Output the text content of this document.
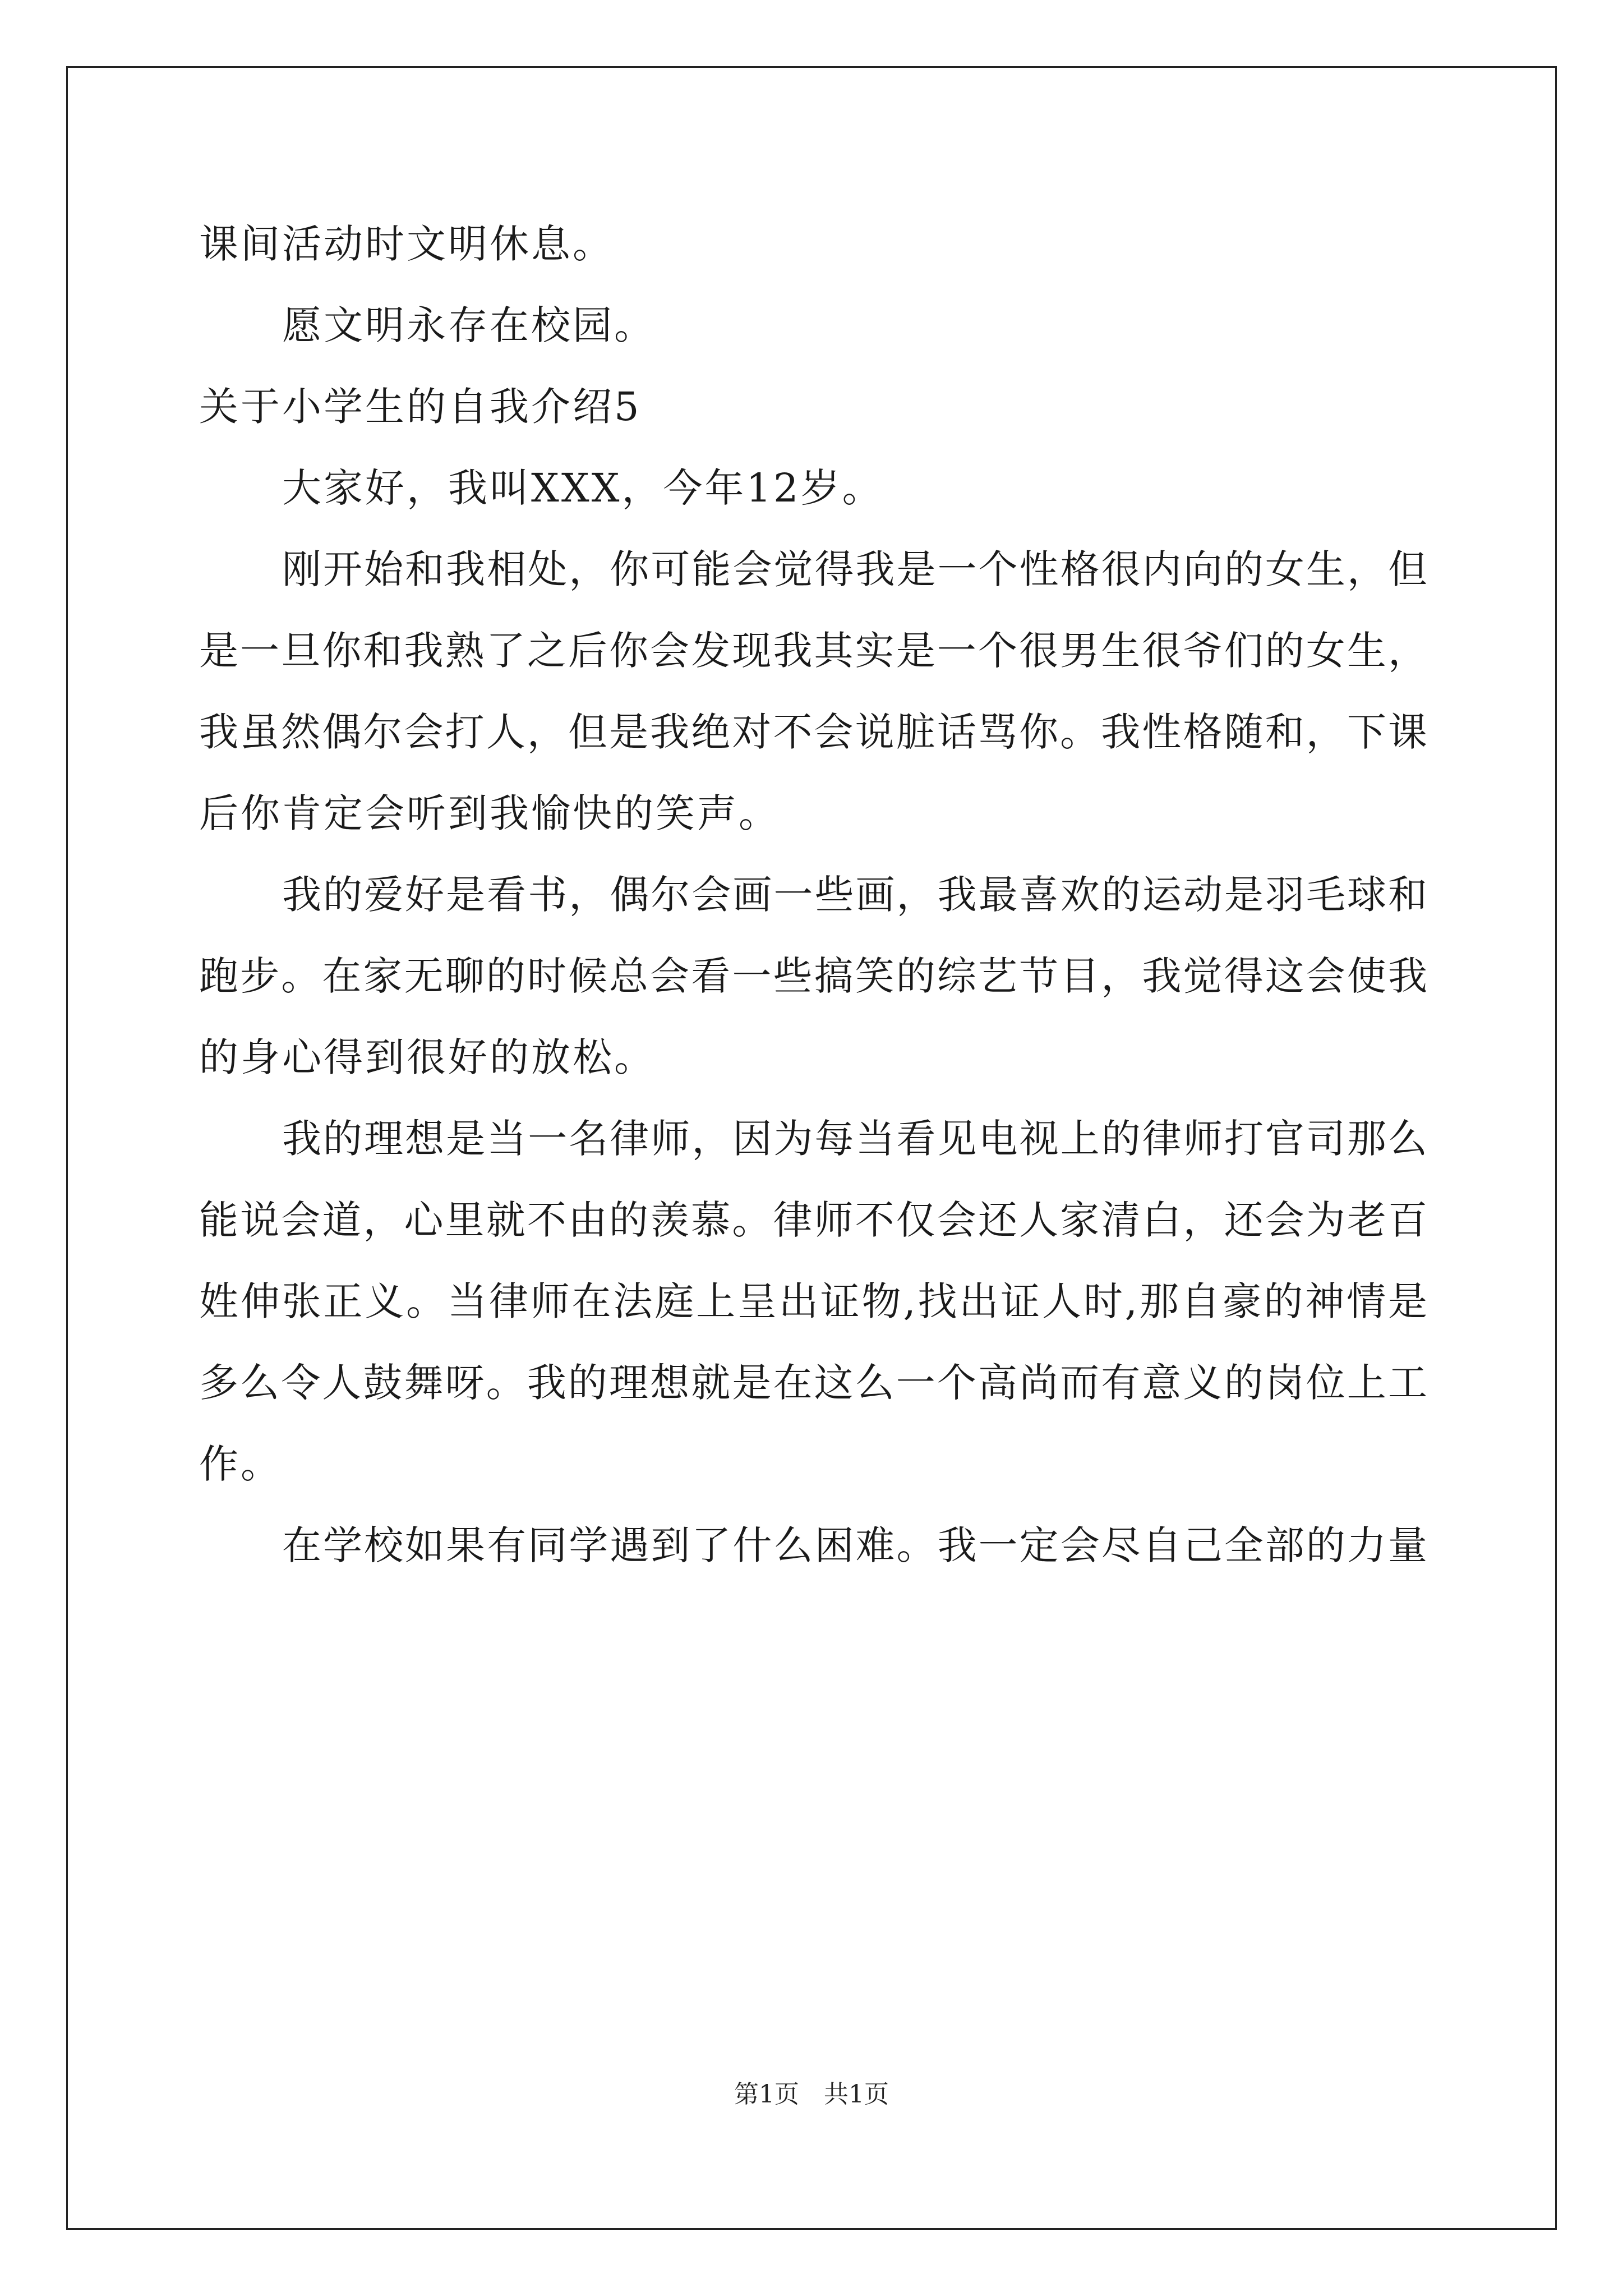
课间活动时文明休息。
愿文明永存在校园。
关于小学生的自我介绍5
大家好，我叫XXX，今年12岁。
刚开始和我相处，你可能会觉得我是一个性格很内向的女生，但
是一旦你和我熟了之后你会发现我其实是一个很男生很爷们的女生，
我虽然偶尔会打人，但是我绝对不会说脏话骂你。我性格随和，下课
后你肯定会听到我愉快的笑声。
我的爱好是看书，偶尔会画一些画，我最喜欢的运动是羽毛球和
跑步。在家无聊的时候总会看一些搞笑的综艺节目，我觉得这会使我
的身心得到很好的放松。
我的理想是当一名律师，因为每当看见电视上的律师打官司那么
能说会道，心里就不由的羡慕。律师不仅会还人家清白，还会为老百
姓伸张正义。当律师在法庭上呈出证物,找出证人时,那自豪的神情是
多么令人鼓舞呀。我的理想就是在这么一个高尚而有意义的岗位上工
作。
在学校如果有同学遇到了什么困难。我一定会尽自己全部的力量
第1页　共1页
